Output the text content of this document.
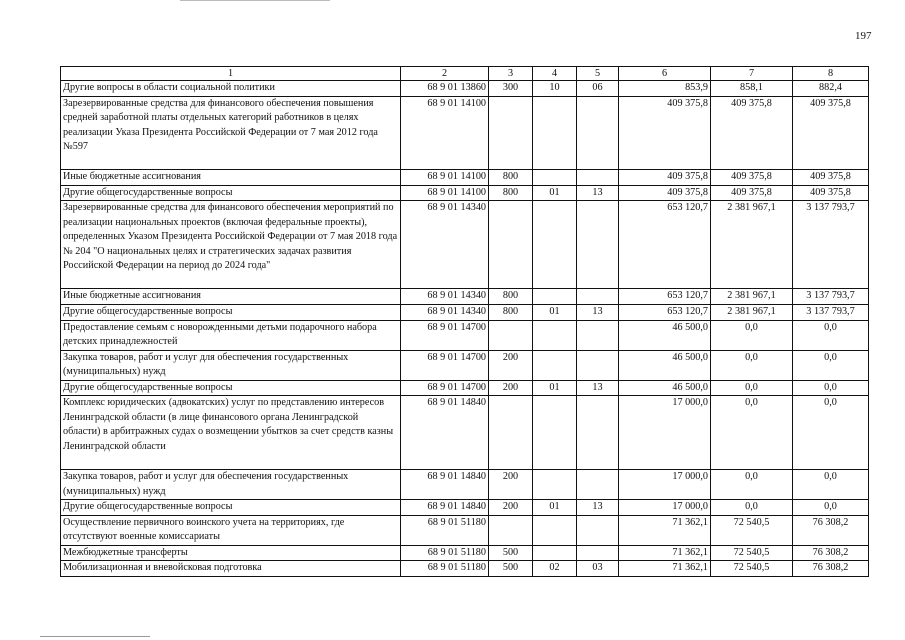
197
1	2	3	4	5	6	7	8
Другие вопросы в области социальной политики	68 9 01 13860	300	10	06	853,9	858,1	882,4
Зарезервированные средства для финансового обеспечения повышения средней заработной платы отдельных категорий работников в целях реализации Указа Президента Российской Федерации от 7 мая 2012 года №597	68 9 01 14100				409 375,8	409 375,8	409 375,8
Иные бюджетные ассигнования	68 9 01 14100	800			409 375,8	409 375,8	409 375,8
Другие общегосударственные вопросы	68 9 01 14100	800	01	13	409 375,8	409 375,8	409 375,8
Зарезервированные средства для финансового обеспечения мероприятий по реализации национальных проектов (включая федеральные проекты), определенных Указом Президента Российской Федерации от 7 мая 2018 года № 204 "О национальных целях и стратегических задачах развития Российской Федерации на период до 2024 года"	68 9 01 14340				653 120,7	2 381 967,1	3 137 793,7
Иные бюджетные ассигнования	68 9 01 14340	800			653 120,7	2 381 967,1	3 137 793,7
Другие общегосударственные вопросы	68 9 01 14340	800	01	13	653 120,7	2 381 967,1	3 137 793,7
Предоставление семьям с новорожденными детьми подарочного набора детских принадлежностей	68 9 01 14700				46 500,0	0,0	0,0
Закупка товаров, работ и услуг для обеспечения государственных (муниципальных) нужд	68 9 01 14700	200			46 500,0	0,0	0,0
Другие общегосударственные вопросы	68 9 01 14700	200	01	13	46 500,0	0,0	0,0
Комплекс юридических (адвокатских) услуг по представлению интересов Ленинградской области (в лице финансового органа Ленинградской области) в арбитражных судах о возмещении убытков за счет средств казны Ленинградской области	68 9 01 14840				17 000,0	0,0	0,0
Закупка товаров, работ и услуг для обеспечения государственных (муниципальных) нужд	68 9 01 14840	200			17 000,0	0,0	0,0
Другие общегосударственные вопросы	68 9 01 14840	200	01	13	17 000,0	0,0	0,0
Осуществление первичного воинского учета на территориях, где отсутствуют военные комиссариаты	68 9 01 51180				71 362,1	72 540,5	76 308,2
Межбюджетные трансферты	68 9 01 51180	500			71 362,1	72 540,5	76 308,2
Мобилизационная и вневойсковая подготовка	68 9 01 51180	500	02	03	71 362,1	72 540,5	76 308,2
